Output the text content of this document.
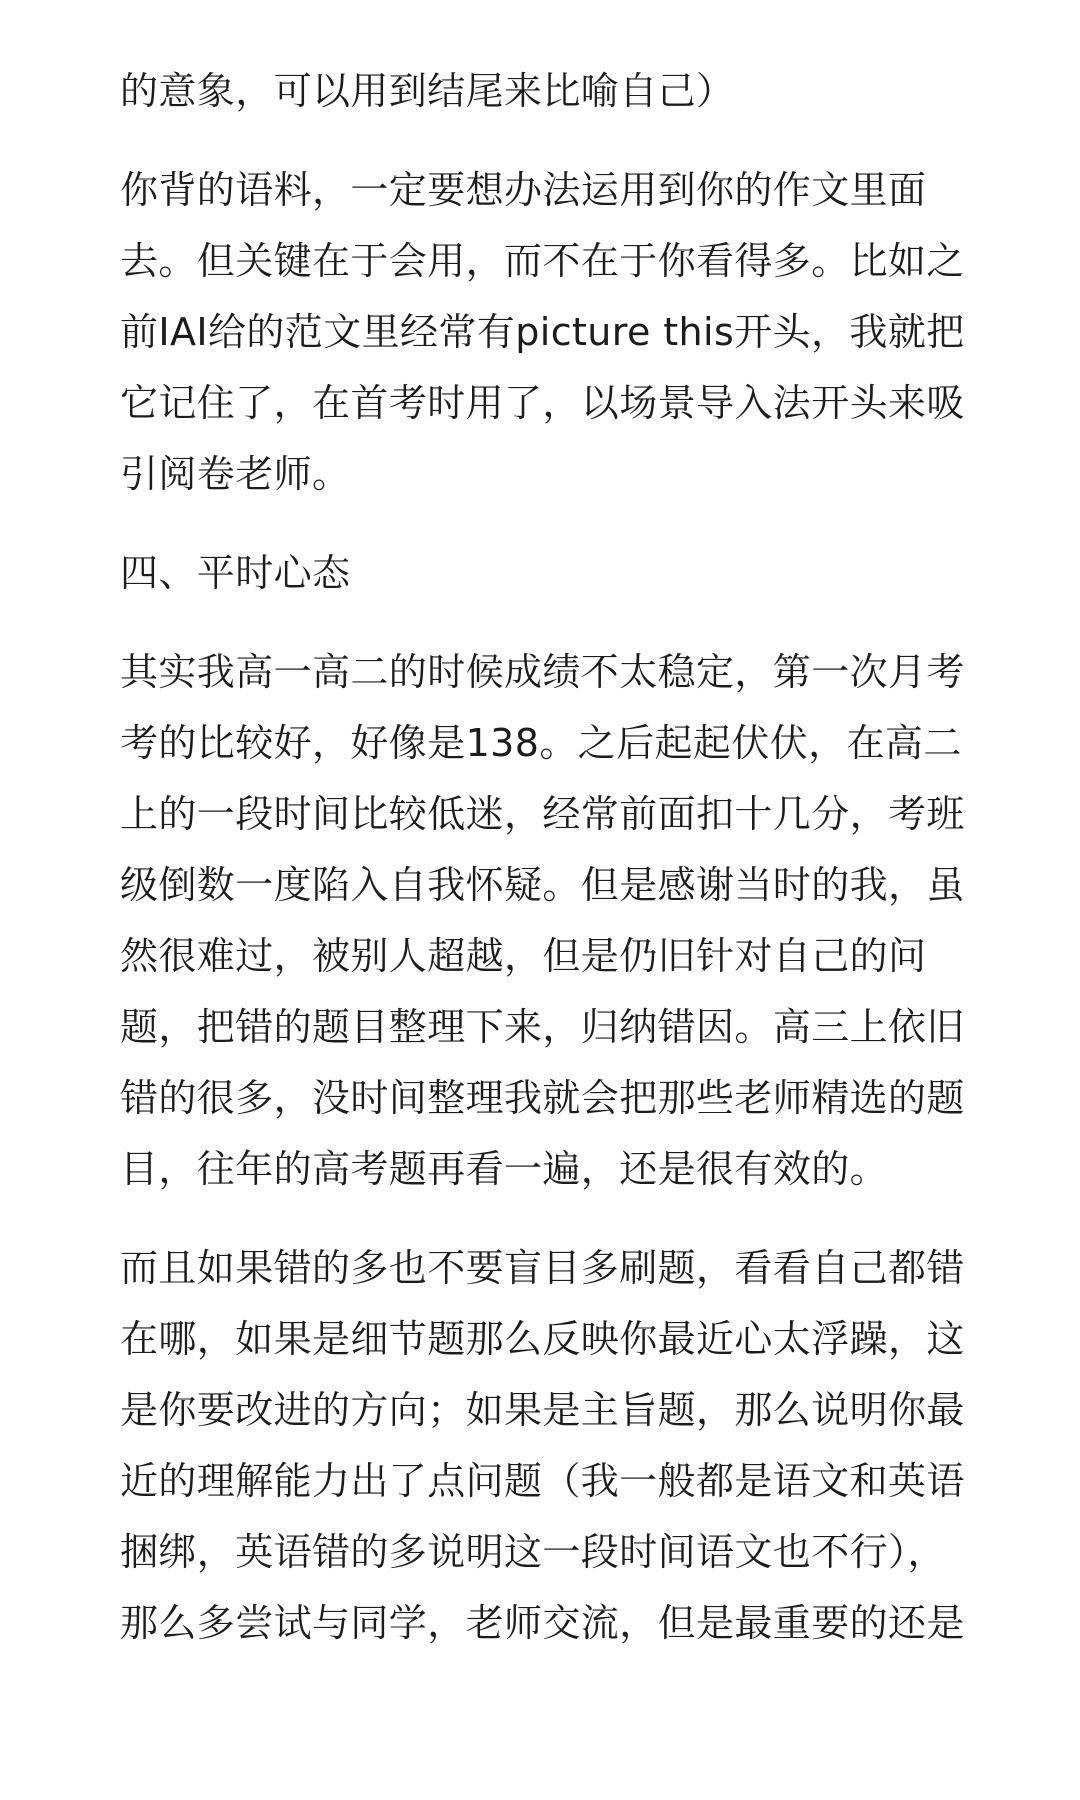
的意象，可以用到结尾来比喻自己）
你背的语料，一定要想办法运用到你的作文里面
去。但关键在于会用，而不在于你看得多。比如之
前IAI给的范文里经常有picture this开头，我就把
它记住了，在首考时用了，以场景导入法开头来吸
引阅卷老师。
四、平时心态
其实我高一高二的时候成绩不太稳定，第一次月考
考的比较好，好像是138。之后起起伏伏，在高二
上的一段时间比较低迷，经常前面扣十几分，考班
级倒数一度陷入自我怀疑。但是感谢当时的我，虽
然很难过，被别人超越，但是仍旧针对自己的问
题，把错的题目整理下来，归纳错因。高三上依旧
错的很多，没时间整理我就会把那些老师精选的题
目，往年的高考题再看一遍，还是很有效的。
而且如果错的多也不要盲目多刷题，看看自己都错
在哪，如果是细节题那么反映你最近心太浮躁，这
是你要改进的方向；如果是主旨题，那么说明你最
近的理解能力出了点问题（我一般都是语文和英语
捆绑，英语错的多说明这一段时间语文也不行），
那么多尝试与同学，老师交流，但是最重要的还是
